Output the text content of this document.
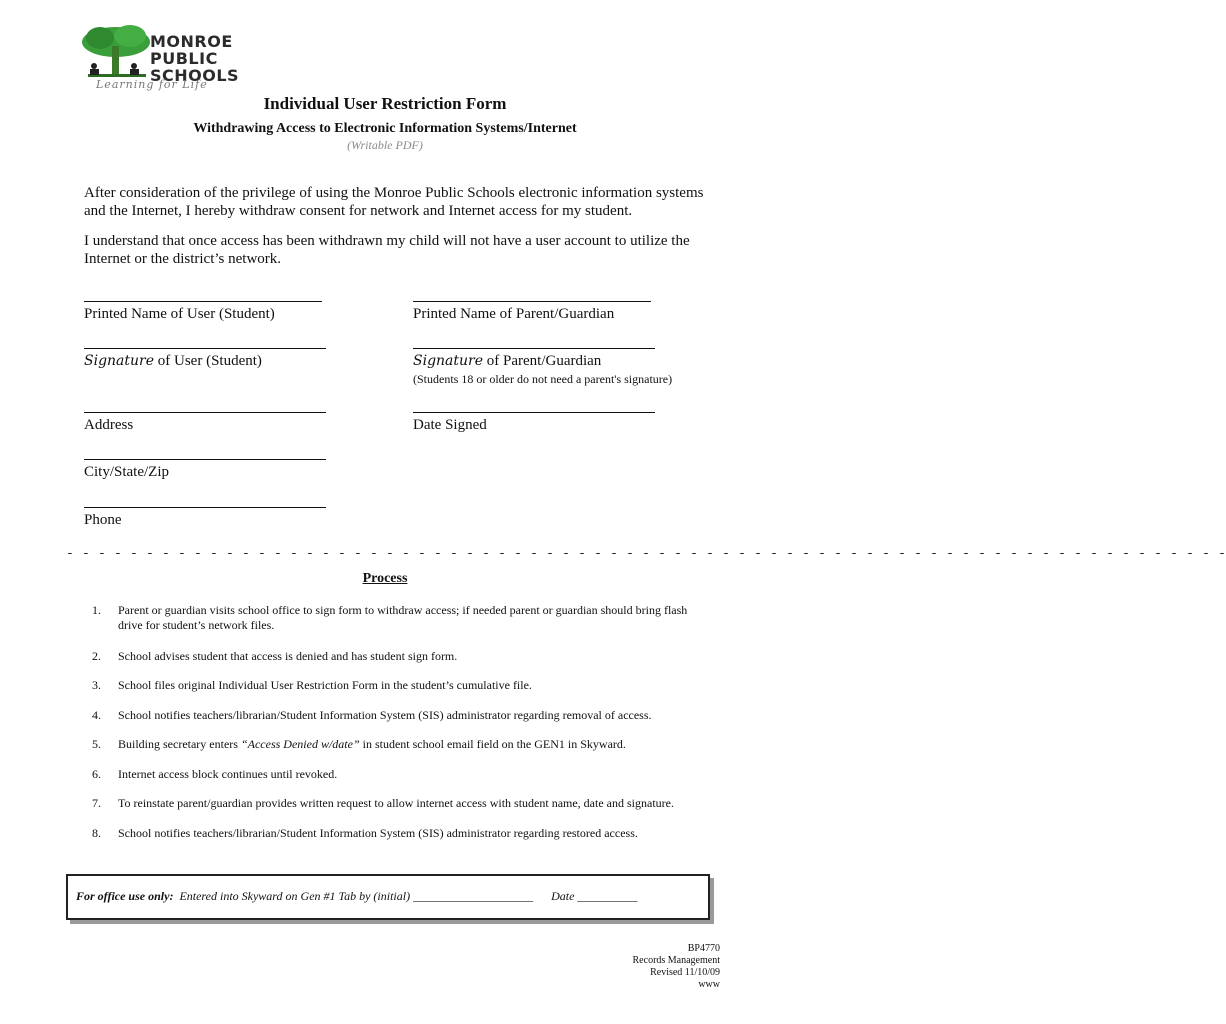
MONROE
PUBLIC
SCHOOLS
Learning for Life
Individual User Restriction Form
Withdrawing Access to Electronic Information Systems/Internet
(Writable PDF)
After consideration of the privilege of using the Monroe Public Schools electronic information systems and the Internet, I hereby withdraw consent for network and Internet access for my student.
I understand that once access has been withdrawn my child will not have a user account to utilize the Internet or the district’s network.
Printed Name of User (Student)	Printed Name of Parent/Guardian
Signature of User (Student)	Signature of Parent/Guardian
(Students 18 or older do not need a parent's signature)
Address	Date Signed
City/State/Zip
Phone
- - - - - - - - - - - - - - - - - - - - - - - - - - - - - - - - - - - - - - - - - - - - - - - - - - - - - - - - - - - - - - - - - - - - - - - - -
Process
1.	Parent or guardian visits school office to sign form to withdraw access; if needed parent or guardian should bring flash drive for student’s network files.
2.	School advises student that access is denied and has student sign form.
3.	School files original Individual User Restriction Form in the student’s cumulative file.
4.	School notifies teachers/librarian/Student Information System (SIS) administrator regarding removal of access.
5.	Building secretary enters “Access Denied w/date” in student school email field on the GEN1 in Skyward.
6.	Internet access block continues until revoked.
7.	To reinstate parent/guardian provides written request to allow internet access with student name, date and signature.
8.	School notifies teachers/librarian/Student Information System (SIS) administrator regarding restored access.
For office use only: Entered into Skyward on Gen #1 Tab by (initial) ____________________ Date __________
BP4770
Records Management
Revised 11/10/09
www
